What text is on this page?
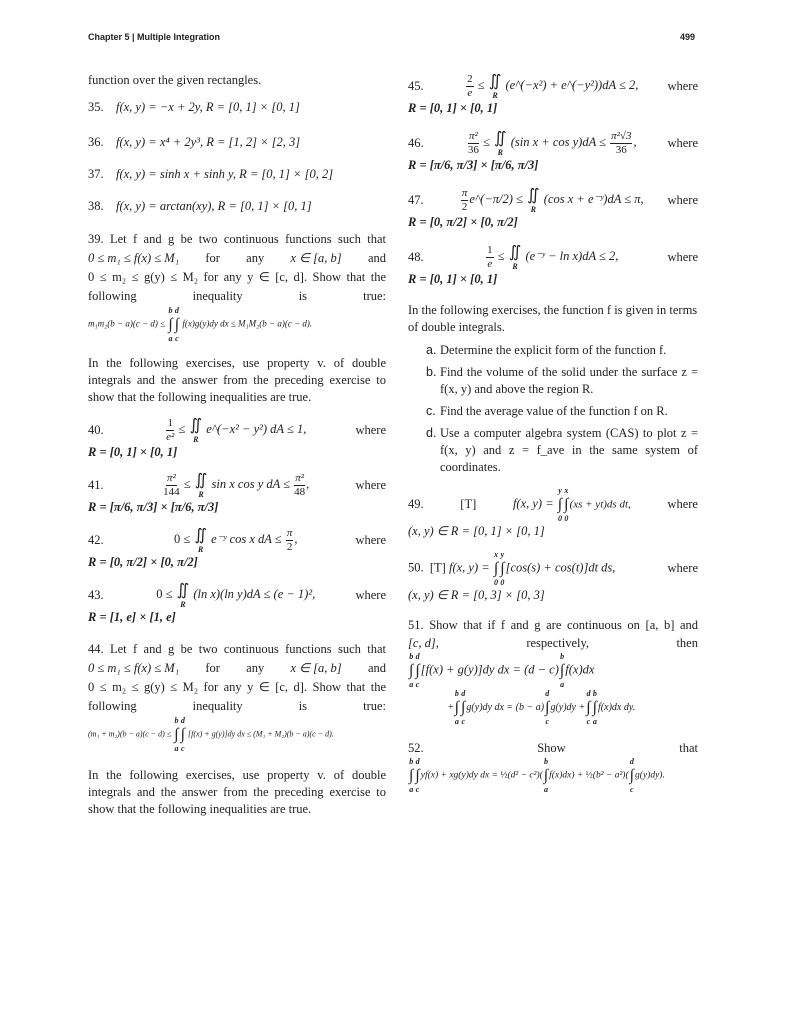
Chapter 5 | Multiple Integration	499
function over the given rectangles.
35. f(x, y) = −x + 2y, R = [0, 1] × [0, 1]
36. f(x, y) = x⁴ + 2y³, R = [1, 2] × [2, 3]
37. f(x, y) = sinh x + sinh y, R = [0, 1] × [0, 2]
38. f(x, y) = arctan(xy), R = [0, 1] × [0, 1]
39. Let f and g be two continuous functions such that
0 ≤ m₁ ≤ f(x) ≤ M₁ for any x ∈ [a, b] and
0 ≤ m₂ ≤ g(y) ≤ M₂ for any y ∈ [c, d]. Show that the
following inequality is true:
m₁m₂(b − a)(c − d) ≤
b
∫
a
d
∫
c
f(x)g(y)dy dx ≤ M₁M₂(b − a)(c − d).
In the following exercises, use property v. of double integrals and the answer from the preceding exercise to show that the following inequalities are true.
40.	$\frac{1}{\text{e²}}$ ≤ ∬
R
e^(−x² − y²) dA ≤ 1,	where
R = [0, 1] × [0, 1]
41.	$\frac{\text{π²}}{144}$ ≤ ∬
R
sin x cos y dA ≤ $\frac{\text{π²}}{48}$ ,	where
R = [π/6, π/3] × [π/6, π/3]
42.	0 ≤ ∬
R
e⁻ʸ cos x dA ≤ $\frac{\pi}{2}$ ,	where
R = [0, π/2] × [0, π/2]
43.	0 ≤ ∬
R
(ln x)(ln y)dA ≤ (e − 1)²,	where
R = [1, e] × [1, e]
44. Let f and g be two continuous functions such that
0 ≤ m₁ ≤ f(x) ≤ M₁ for any x ∈ [a, b] and
0 ≤ m₂ ≤ g(y) ≤ M₂ for any y ∈ [c, d]. Show that the
following inequality is true:
(m₁ + m₂)(b − a)(c − d) ≤
b
∫
a
d
∫
c
[f(x) + g(y)]dy dx ≤ (M₁ + M₂)(b − a)(c − d).
In the following exercises, use property v. of double integrals and the answer from the preceding exercise to show that the following inequalities are true.
45.	$\frac{2}{e}$ ≤ ∬
R
(e^(−x²) + e^(−y²))dA ≤ 2,	where
R = [0, 1] × [0, 1]
46.	$\frac{\text{π²}}{36}$ ≤ ∬
R
(sin $x + \cos y)dA \le \frac{\text{π²√3}}{36}$ ,	where
R = [π/6, π/3] × [π/6, π/3]
47.	$\frac{\pi}{2}$ e^(−π/2) ≤ ∬
R
(cos x + e⁻ʸ)dA ≤ π,	where
R = [0, π/2] × [0, π/2]
48.	$\frac{1}{e}$ ≤ ∬
R
(e⁻ʸ − ln x)dA ≤ 2,	where
R = [0, 1] × [0, 1]
In the following exercises, the function f is given in terms of double integrals.
a. Determine the explicit form of the function f.
b. Find the volume of the solid under the surface z = f(x, y) and above the region R.
c. Find the average value of the function f on R.
d. Use a computer algebra system (CAS) to plot z = f(x, y) and z = f_ave in the same system of coordinates.
49.	[T]	f(x, y) =
y
∫
0
x
∫
0
(xs + yt)ds dt,	where
(x, y) ∈ R = [0, 1] × [0, 1]
50. [T] f(x, y) =
x
∫
0
y
∫
0
[cos(s) + cos(t)]dt ds,	where
(x, y) ∈ R = [0, 3] × [0, 3]
51. Show that if f and g are continuous on [a, b] and
[c, d],	respectively,	then
b
∫
a
d
∫
c
[f(x) + g(y)]dy dx = (d − c)
b
∫
a
f(x)dx
+
b
∫
a
d
∫
c
g(y)dy dx = (b − a)
d
∫
c
g(y)dy +
d
∫
c
b
∫
a
f(x)dx dy.
52.	Show	that
b
∫
a
d
∫
c
yf(x) + xg(y)dy dx = ½(d² − c²)(
b
∫
a
f(x)dx) + ½(b² − a²)(
d
∫
c
g(y)dy).
